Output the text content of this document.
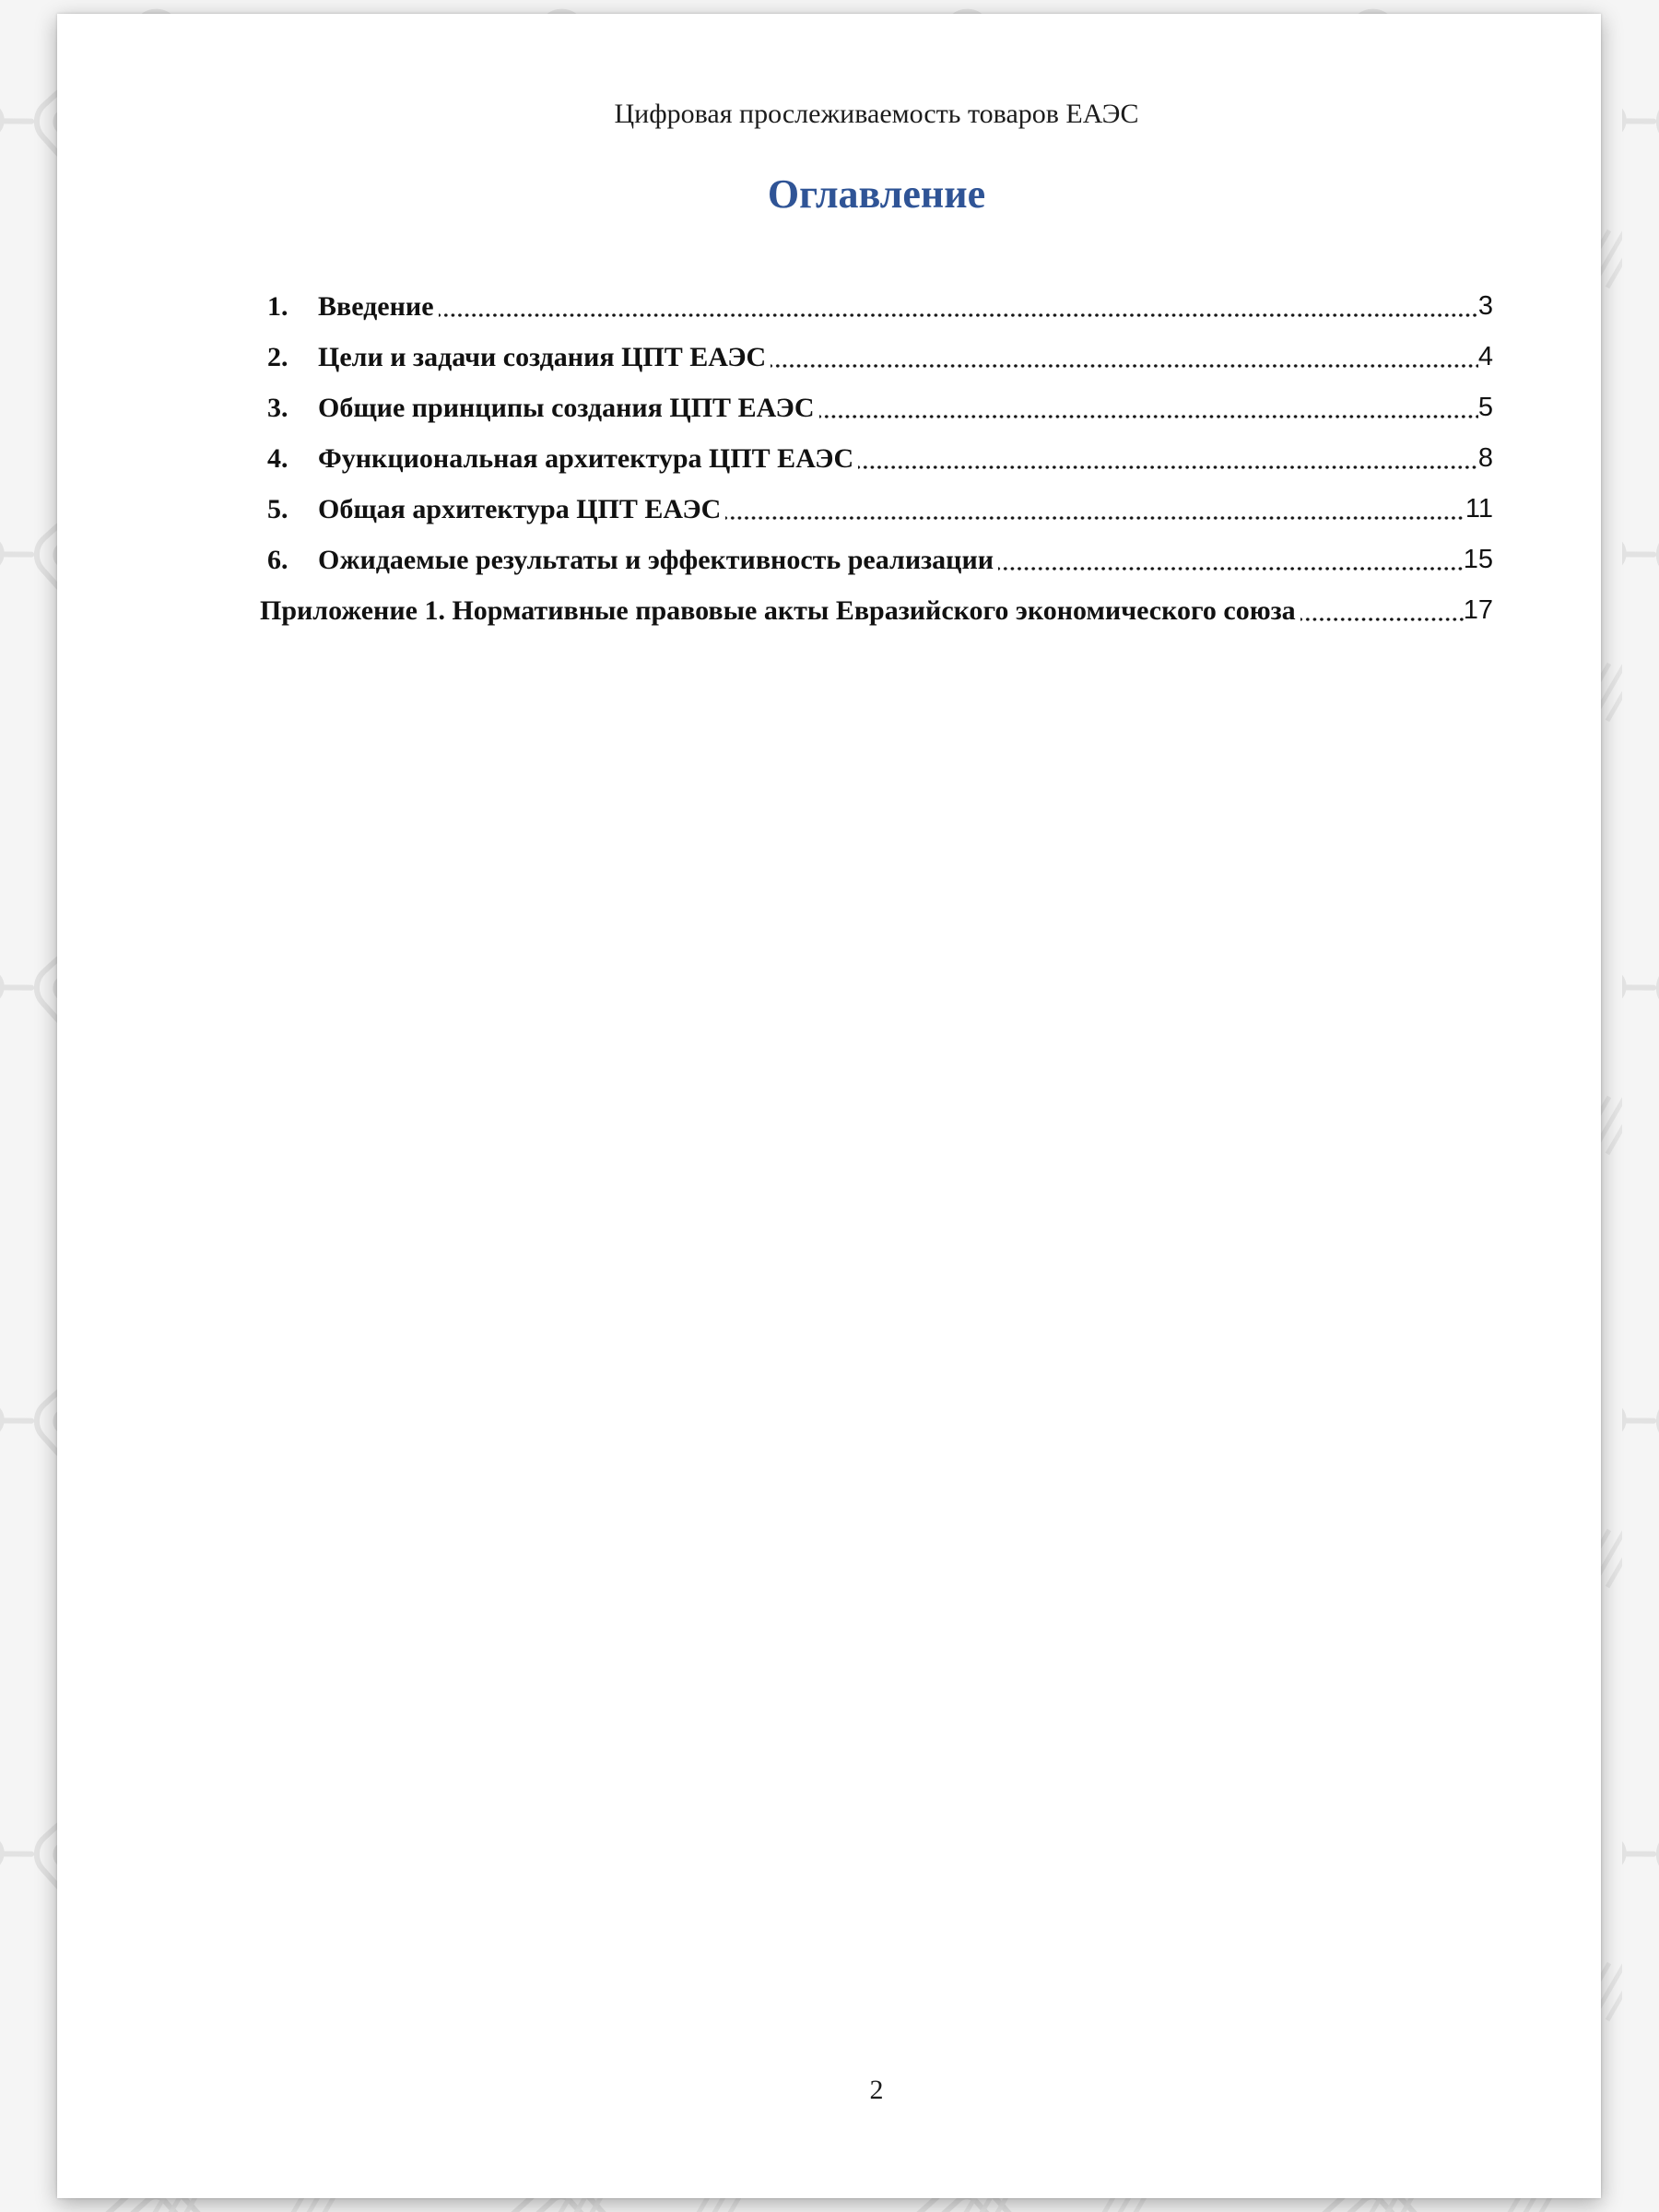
Цифровая прослеживаемость товаров ЕАЭС
Оглавление
1.	Введение	3
2.	Цели и задачи создания ЦПТ ЕАЭС	4
3.	Общие принципы создания ЦПТ ЕАЭС	5
4.	Функциональная архитектура ЦПТ ЕАЭС	8
5.	Общая архитектура ЦПТ ЕАЭС	11
6.	Ожидаемые результаты и эффективность реализации	15
Приложение 1. Нормативные правовые акты Евразийского экономического союза	17
2
